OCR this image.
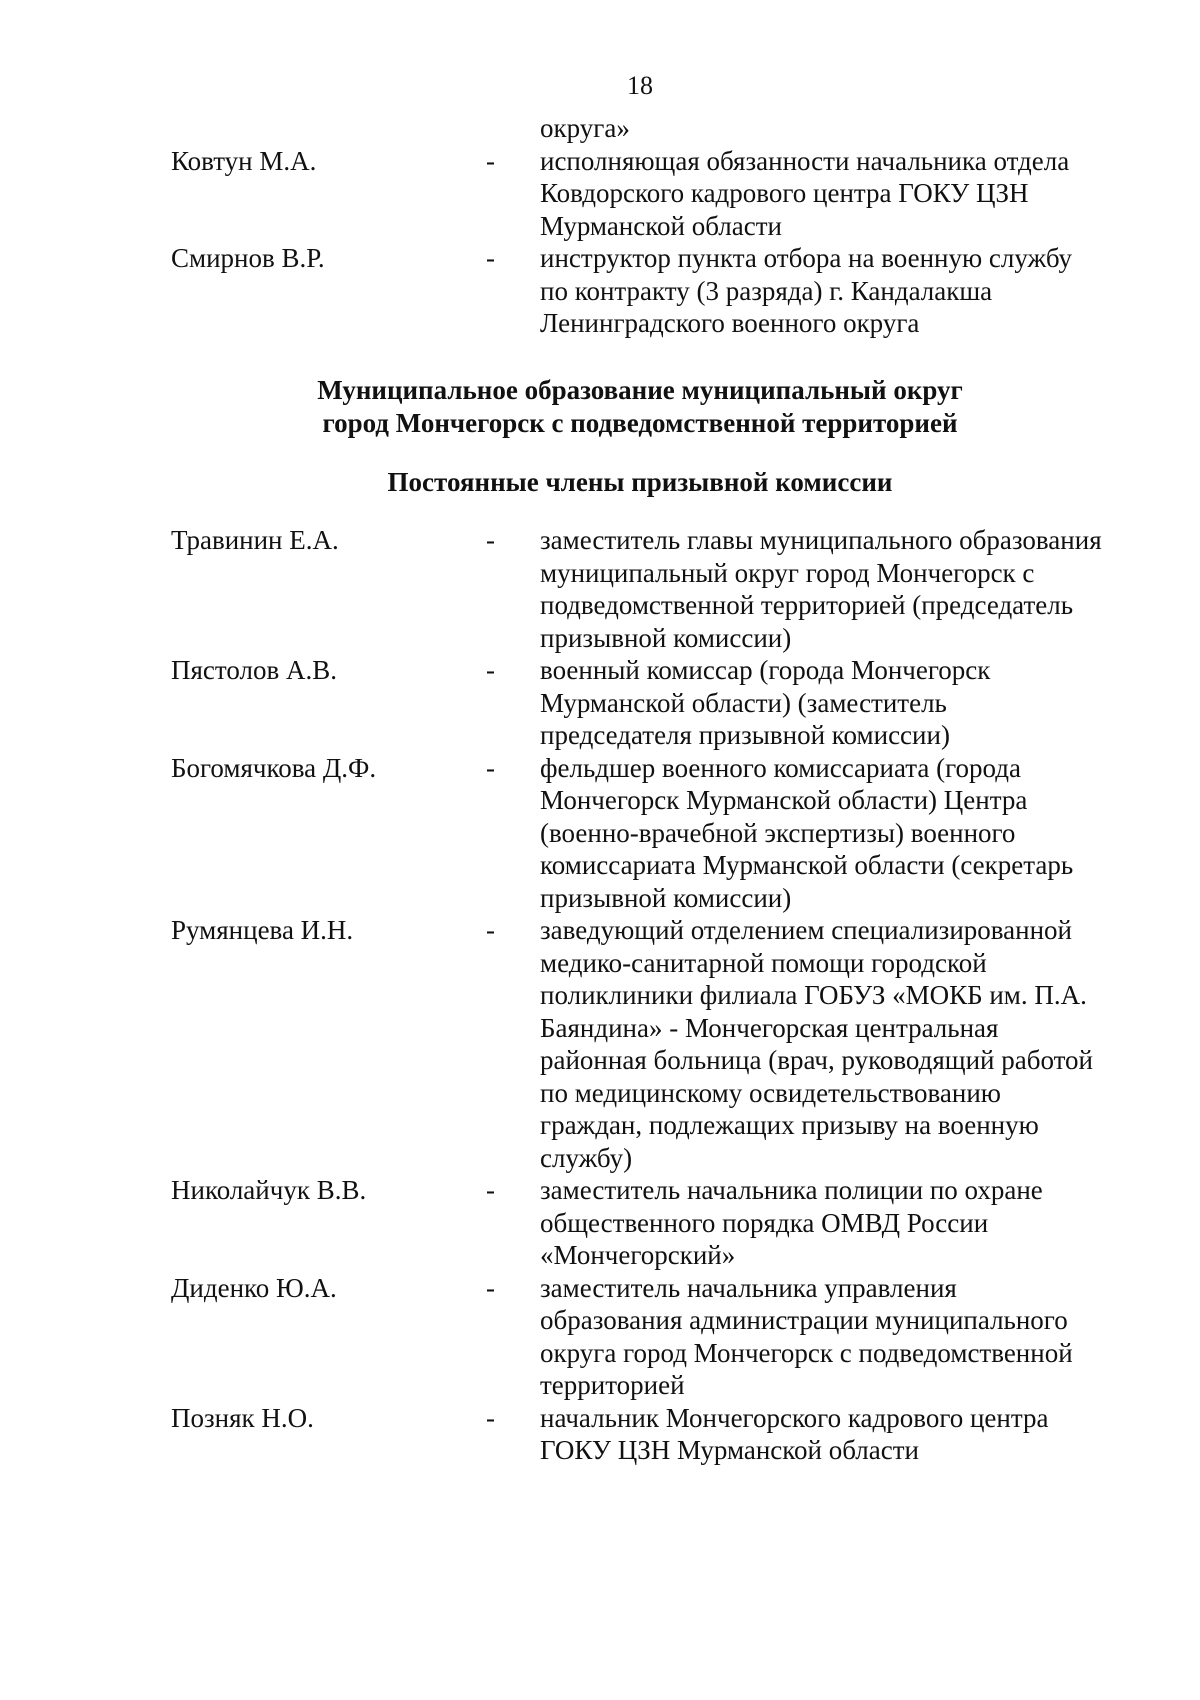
18
округа»
Ковтун М.А.	- исполняющая обязанности начальника отдела
Ковдорского кадрового центра ГОКУ ЦЗН
Мурманской области
Смирнов В.Р.	- инструктор пункта отбора на военную службу
по контракту (3 разряда) г. Кандалакша
Ленинградского военного округа
Муниципальное образование муниципальный округ
город Мончегорск с подведомственной территорией
Постоянные члены призывной комиссии
Травинин Е.А.	- заместитель главы муниципального образования
муниципальный округ город Мончегорск с
подведомственной территорией (председатель
призывной комиссии)
Пястолов А.В.	- военный комиссар (города Мончегорск
Мурманской области) (заместитель
председателя призывной комиссии)
Богомячкова Д.Ф.	- фельдшер военного комиссариата (города
Мончегорск Мурманской области) Центра
(военно-врачебной экспертизы) военного
комиссариата Мурманской области (секретарь
призывной комиссии)
Румянцева И.Н.	- заведующий отделением специализированной
медико-санитарной помощи городской
поликлиники филиала ГОБУЗ «МОКБ им. П.А.
Баяндина» - Мончегорская центральная
районная больница (врач, руководящий работой
по медицинскому освидетельствованию
граждан, подлежащих призыву на военную
службу)
Николайчук В.В.	- заместитель начальника полиции по охране
общественного порядка ОМВД России
«Мончегорский»
Диденко Ю.А.	- заместитель начальника управления
образования администрации муниципального
округа город Мончегорск с подведомственной
территорией
Позняк Н.О.	- начальник Мончегорского кадрового центра
ГОКУ ЦЗН Мурманской области
